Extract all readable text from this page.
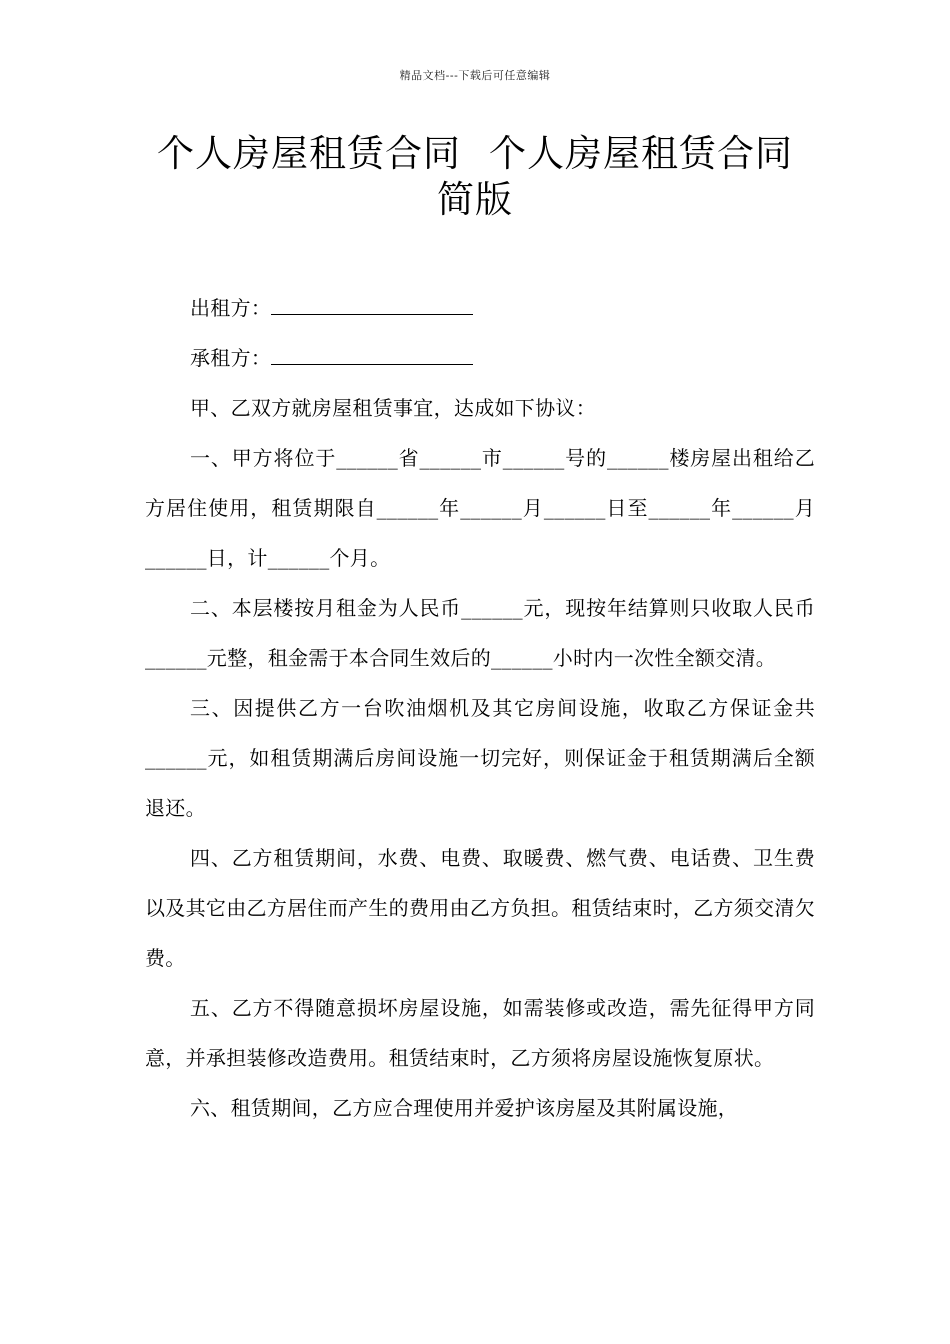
精品文档---下载后可任意编辑
个人房屋租赁合同 个人房屋租赁合同
简版

出租方：

承租方：

甲、乙双方就房屋租赁事宜，达成如下协议：

一、甲方将位于______省______市______号的______楼房屋出租给乙方居住使用，租赁期限自______年______月______日至______年______月______日，计______个月。

二、本层楼按月租金为人民币______元，现按年结算则只收取人民币______元整，租金需于本合同生效后的______小时内一次性全额交清。

三、因提供乙方一台吹油烟机及其它房间设施，收取乙方保证金共______元，如租赁期满后房间设施一切完好，则保证金于租赁期满后全额退还。

四、乙方租赁期间，水费、电费、取暖费、燃气费、电话费、卫生费以及其它由乙方居住而产生的费用由乙方负担。租赁结束时，乙方须交清欠费。

五、乙方不得随意损坏房屋设施，如需装修或改造，需先征得甲方同意，并承担装修改造费用。租赁结束时，乙方须将房屋设施恢复原状。

六、租赁期间，乙方应合理使用并爱护该房屋及其附属设施，
